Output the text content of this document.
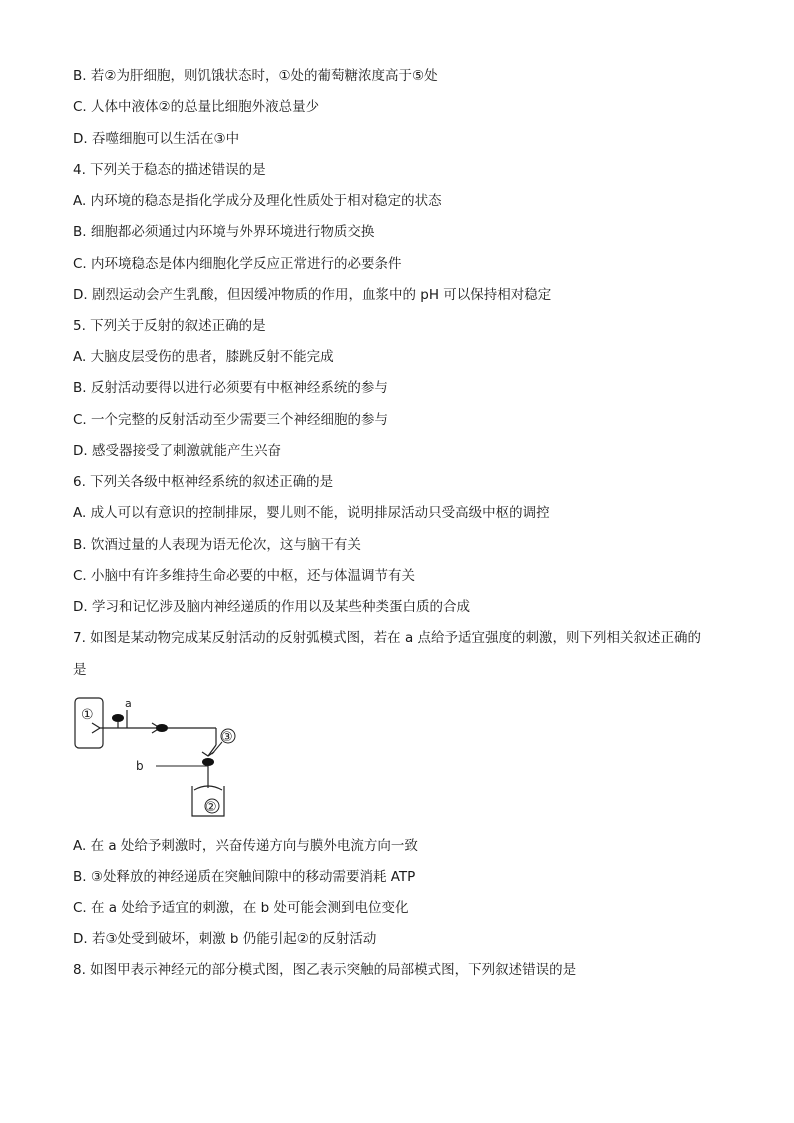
B. 若②为肝细胞，则饥饿状态时，①处的葡萄糖浓度高于⑤处
C. 人体中液体②的总量比细胞外液总量少
D. 吞噬细胞可以生活在③中
4. 下列关于稳态的描述错误的是
A. 内环境的稳态是指化学成分及理化性质处于相对稳定的状态
B. 细胞都必须通过内环境与外界环境进行物质交换
C. 内环境稳态是体内细胞化学反应正常进行的必要条件
D. 剧烈运动会产生乳酸，但因缓冲物质的作用，血浆中的 pH 可以保持相对稳定
5. 下列关于反射的叙述正确的是
A. 大脑皮层受伤的患者，膝跳反射不能完成
B. 反射活动要得以进行必须要有中枢神经系统的参与
C. 一个完整的反射活动至少需要三个神经细胞的参与
D. 感受器接受了刺激就能产生兴奋
6. 下列关各级中枢神经系统的叙述正确的是
A. 成人可以有意识的控制排尿，婴儿则不能，说明排尿活动只受高级中枢的调控
B. 饮酒过量的人表现为语无伦次，这与脑干有关
C. 小脑中有许多维持生命必要的中枢，还与体温调节有关
D. 学习和记忆涉及脑内神经递质的作用以及某些种类蛋白质的合成
7. 如图是某动物完成某反射活动的反射弧模式图，若在 a 点给予适宜强度的刺激，则下列相关叙述正确的
是
①
a
③
b
②
A. 在 a 处给予刺激时，兴奋传递方向与膜外电流方向一致
B. ③处释放的神经递质在突触间隙中的移动需要消耗 ATP
C. 在 a 处给予适宜的刺激，在 b 处可能会测到电位变化
D. 若③处受到破坏，刺激 b 仍能引起②的反射活动
8. 如图甲表示神经元的部分模式图，图乙表示突触的局部模式图，下列叙述错误的是
